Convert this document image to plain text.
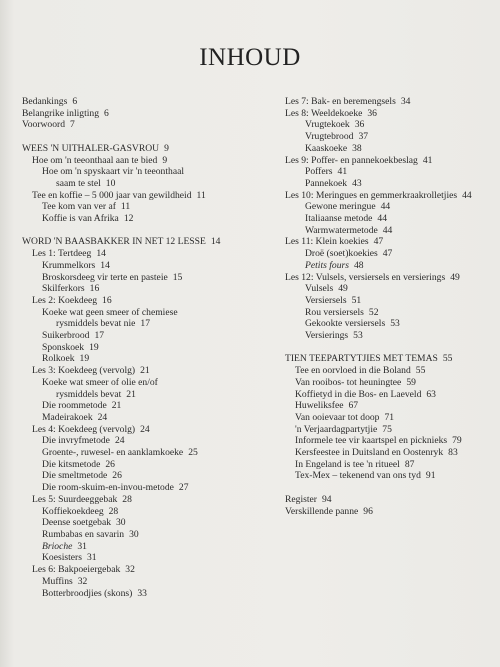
INHOUD
Bedankings 6
Belangrike inligting 6
Voorwoord 7
WEES 'N UITHALER-GASVROU 9
Hoe om 'n teeonthaal aan te bied 9
Hoe om 'n spyskaart vir 'n teeonthaal
saam te stel 10
Tee en koffie – 5 000 jaar van gewildheid 11
Tee kom van ver af 11
Koffie is van Afrika 12
WORD 'N BAASBAKKER IN NET 12 LESSE 14
Les 1: Tertdeeg 14
Krummelkors 14
Broskorsdeeg vir terte en pasteie 15
Skilferkors 16
Les 2: Koekdeeg 16
Koeke wat geen smeer of chemiese
rysmiddels bevat nie 17
Suikerbrood 17
Sponskoek 19
Rolkoek 19
Les 3: Koekdeeg (vervolg) 21
Koeke wat smeer of olie en/of
rysmiddels bevat 21
Die roommetode 21
Madeirakoek 24
Les 4: Koekdeeg (vervolg) 24
Die invryfmetode 24
Groente-, ruwesel- en aanklamkoeke 25
Die kitsmetode 26
Die smeltmetode 26
Die room-skuim-en-invou-metode 27
Les 5: Suurdeeggebak 28
Koffiekoekdeeg 28
Deense soetgebak 30
Rumbabas en savarin 30
Brioche 31
Koesisters 31
Les 6: Bakpoeiergebak 32
Muffins 32
Botterbroodjies (skons) 33
Les 7: Bak- en beremengsels 34
Les 8: Weeldekoeke 36
Vrugtekoek 36
Vrugtebrood 37
Kaaskoeke 38
Les 9: Poffer- en pannekoekbeslag 41
Poffers 41
Pannekoek 43
Les 10: Meringues en gemmerkraakrolletjies 44
Gewone meringue 44
Italiaanse metode 44
Warmwatermetode 44
Les 11: Klein koekies 47
Droë (soet)koekies 47
Petits fours 48
Les 12: Vulsels, versiersels en versierings 49
Vulsels 49
Versiersels 51
Rou versiersels 52
Gekookte versiersels 53
Versierings 53
TIEN TEEPARTYTJIES MET TEMAS 55
Tee en oorvloed in die Boland 55
Van rooibos- tot heuningtee 59
Koffietyd in die Bos- en Laeveld 63
Huweliksfee 67
Van ooievaar tot doop 71
'n Verjaardagpartytjie 75
Informele tee vir kaartspel en picknieks 79
Kersfeestee in Duitsland en Oostenryk 83
In Engeland is tee 'n ritueel 87
Tex-Mex – tekenend van ons tyd 91
Register 94
Verskillende panne 96
